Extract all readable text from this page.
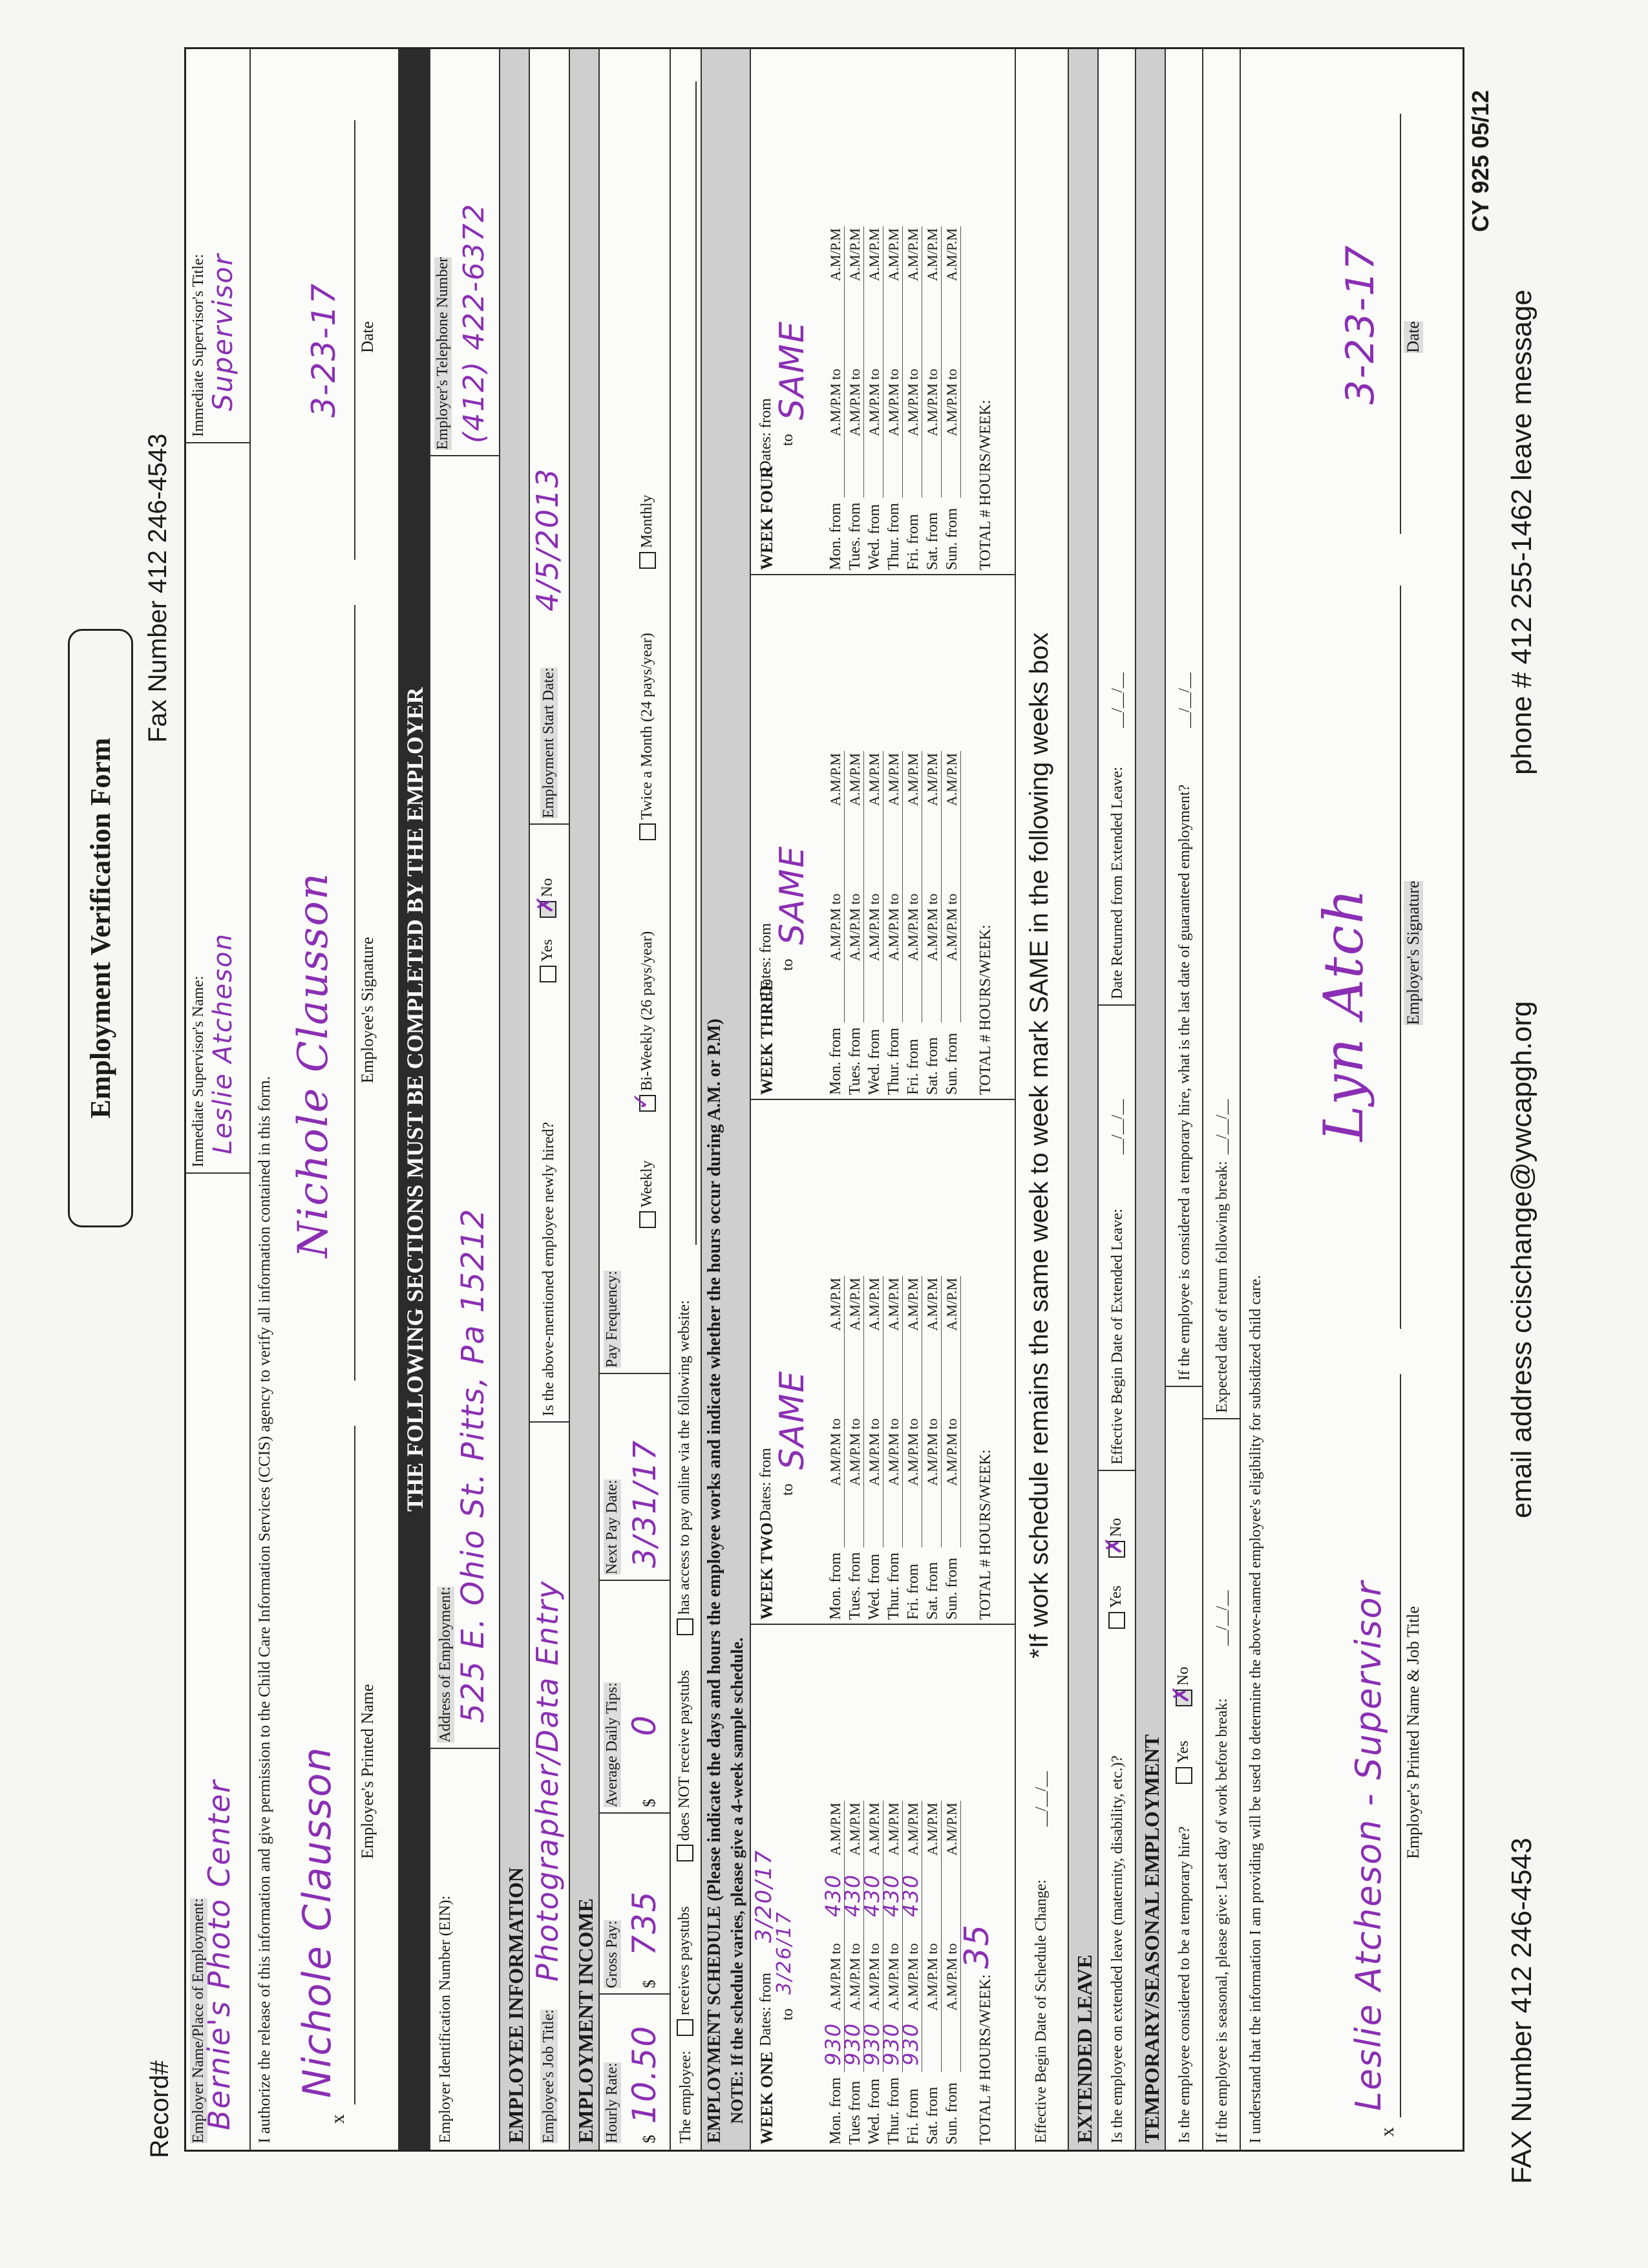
Record#
Employment Verification Form
Fax Number 412 246-4543
Employer Name/Place of Employment:
Bernie's Photo Center
Immediate Supervisor's Name: Leslie Atcheson
Immediate Supervisor's Title: Supervisor
I authorize the release of this information and give permission to the Child Care Information Services (CCIS) agency to verify all information contained in this form.	x
Nichole Clausson Employee's Printed Name
Nichole Clausson Employee's Signature
3-23-17 Date
THE FOLLOWING SECTIONS MUST BE COMPLETED BY THE EMPLOYER
Employer Identification Number (EIN):
Address of Employment: 525 E. Ohio St. Pitts, Pa 15212
Employer's Telephone Number (412) 422-6372
EMPLOYEE INFORMATION Employee's Job Title:
Photographer/Data Entry
Is the above-mentioned employee newly hired?
Yes
No
✗
Employment Start Date:
4/5/2013
EMPLOYMENT INCOME Hourly Rate: $
10.50
Gross Pay: $
735
Average Daily Tips: $
0
Next Pay Date: 3/31/17
Pay Frequency:
Weekly
Bi-Weekly (26 pays/year)
✓
Twice a Month (24 pays/year)
Monthly
The employee:
receives paystubs
does NOT receive paystubs
has access to pay online via the following website: EMPLOYMENT SCHEDULE (Please indicate the days and hours the employee works and indicate whether the hours occur during A.M. or P.M) NOTE: If the schedule varies, please give a 4-week sample schedule. WEEK ONE
Dates: from
3/20/17
to
3/26/17
Mon. from
930
A.M/P.M to
430
A.M/P.M
Tues from
930
A.M/P.M to
430
A.M/P.M
Wed. from
930
A.M/P.M to
430
A.M/P.M
Thur. from
930
A.M/P.M to
430
A.M/P.M
Fri. from
930
A.M/P.M to
430
A.M/P.M
Sat. from
A.M/P.M to
A.M/P.M
Sun. from
A.M/P.M to
A.M/P.M
TOTAL # HOURS/WEEK:
35
WEEK TWO
Dates: from to
SAME
Mon. from
A.M/P.M to
A.M/P.M
Tues. from
A.M/P.M to
A.M/P.M
Wed. from
A.M/P.M to
A.M/P.M
Thur. from
A.M/P.M to
A.M/P.M
Fri. from
A.M/P.M to
A.M/P.M
Sat. from
A.M/P.M to
A.M/P.M
Sun. from
A.M/P.M to
A.M/P.M
TOTAL # HOURS/WEEK:
WEEK THREE
Dates: from to
SAME
Mon. from
A.M/P.M to
A.M/P.M
Tues. from
A.M/P.M to
A.M/P.M
Wed. from
A.M/P.M to
A.M/P.M
Thur. from
A.M/P.M to
A.M/P.M
Fri. from
A.M/P.M to
A.M/P.M
Sat. from
A.M/P.M to
A.M/P.M
Sun. from
A.M/P.M to
A.M/P.M
TOTAL # HOURS/WEEK:
WEEK FOUR
Dates: from to
SAME
Mon. from
A.M/P.M to
A.M/P.M
Tues. from
A.M/P.M to
A.M/P.M
Wed. from
A.M/P.M to
A.M/P.M
Thur. from
A.M/P.M to
A.M/P.M
Fri. from
A.M/P.M to
A.M/P.M
Sat. from
A.M/P.M to
A.M/P.M
Sun. from
A.M/P.M to
A.M/P.M
TOTAL # HOURS/WEEK:
Effective Begin Date of Schedule Change:
__/__/__
*If work schedule remains the same week to week mark SAME in the following weeks box
EXTENDED LEAVE Is the employee on extended leave (maternity, disability, etc.)?
Yes
No
✗
Effective Begin Date of Extended Leave:
__/__/__
Date Returned from Extended Leave:
__/__/__
TEMPORARY/SEASONAL EMPLOYMENT Is the employee considered to be a temporary hire?
Yes
No
✗
If the employee is considered a temporary hire, what is the last date of guaranteed employment?
__/__/__
If the employee is seasonal, please give: Last day of work before break:
__/__/__
Expected date of return following break:
__/__/__
I understand that the information I am providing will be used to determine the above-named employee's eligibility for subsidized child care.	x
Leslie Atcheson - Supervisor Employer's Printed Name & Job Title
Lyn Atch Employer's Signature
3-23-17 Date
CY 925 05/12
FAX Number 412 246-4543
email address ccischange@ywcapgh.org
phone # 412 255-1462 leave message
